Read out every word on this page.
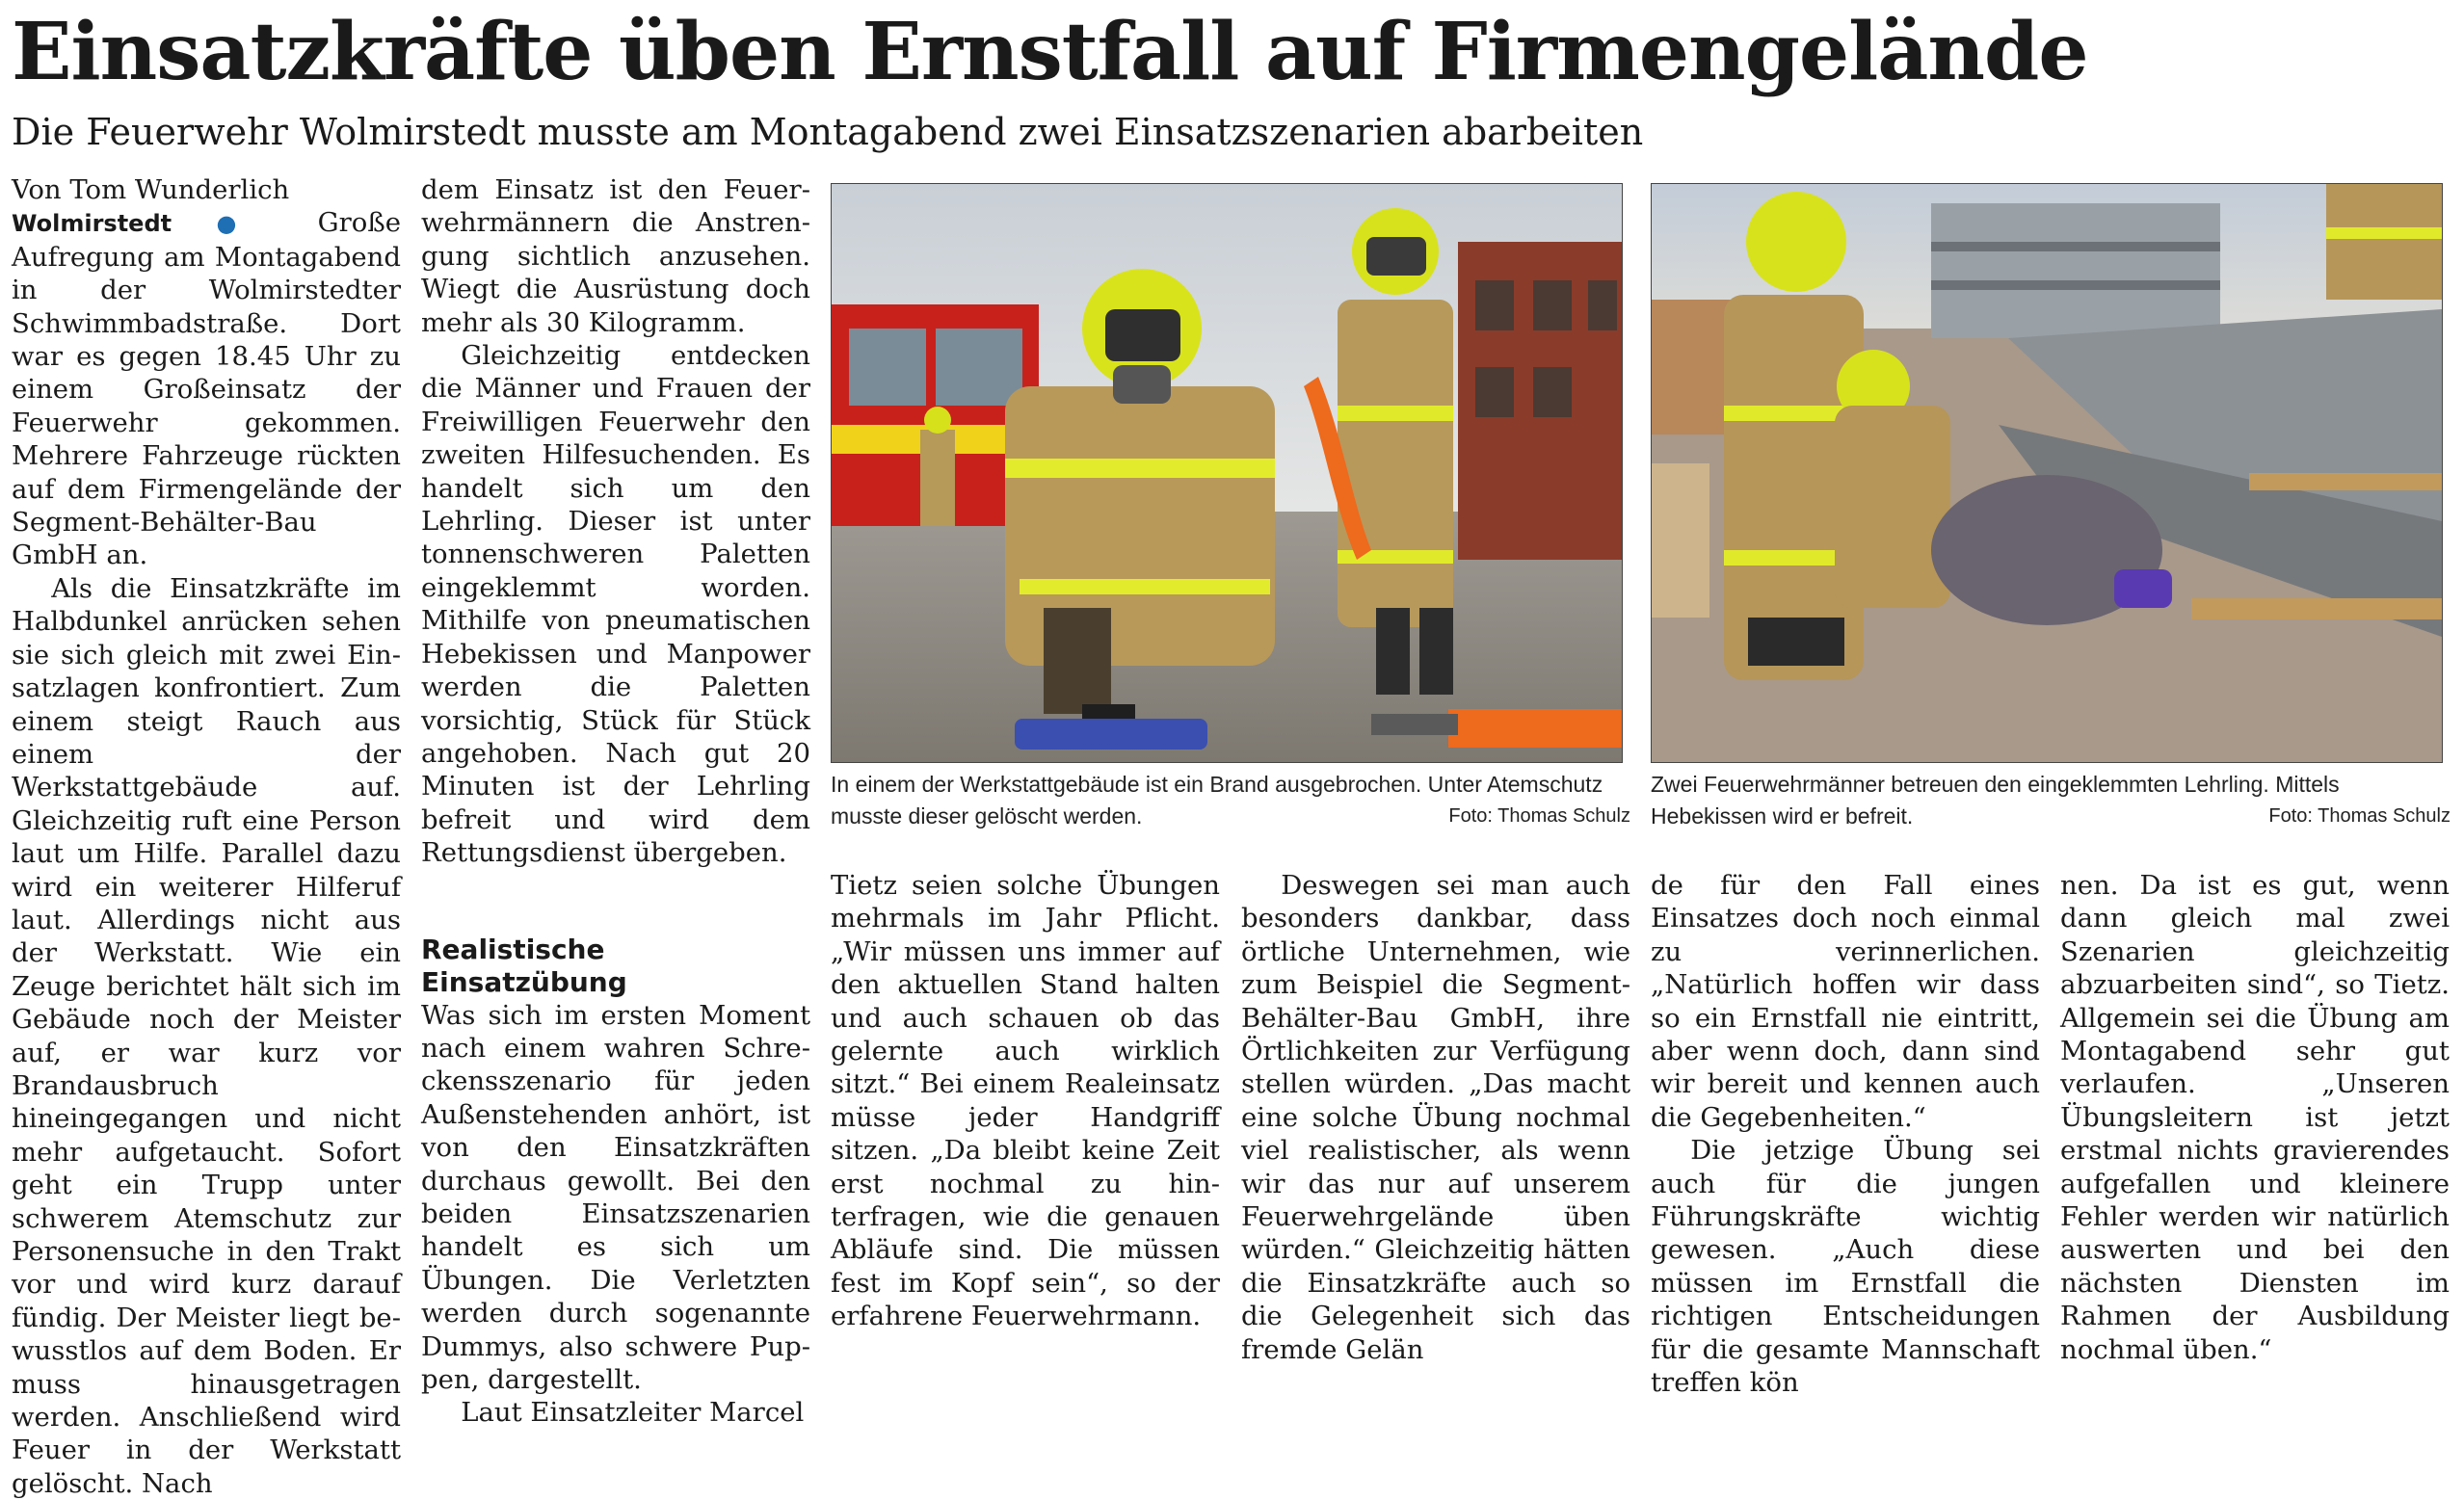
Einsatzkräfte üben Ernstfall auf Firmengelände
Die Feuerwehr Wolmirstedt musste am Montagabend zwei Einsatzszenarien abarbeiten

Von Tom Wunderlich

Wolmirstedt ● Große Aufregung am Montagabend in der Wolmirstedter Schwimmbadstraße. Dort war es gegen 18.45 Uhr zu einem Großeinsatz der Feuerwehr gekommen. Mehrere Fahrzeuge rückten auf dem Firmengelände der Segment-Behälter-Bau GmbH an.

Als die Einsatzkräfte im Halbdunkel anrücken sehen sie sich gleich mit zwei Einsatzlagen konfrontiert. Zum einem steigt Rauch aus einem der Werkstattgebäude auf. Gleichzeitig ruft eine Person laut um Hilfe. Parallel dazu wird ein weiterer Hilferuf laut. Allerdings nicht aus der Werkstatt. Wie ein Zeuge berichtet hält sich im Gebäude noch der Meister auf, er war kurz vor Brandausbruch hineingegangen und nicht mehr aufgetaucht. Sofort geht ein Trupp unter schwerem Atemschutz zur Personensuche in den Trakt vor und wird kurz darauf fündig. Der Meister liegt bewusstlos auf dem Boden. Er muss hinausgetragen werden. Anschließend wird Feuer in der Werkstatt gelöscht. Nach

dem Einsatz ist den Feuerwehrmännern die Anstrengung sichtlich anzusehen. Wiegt die Ausrüstung doch mehr als 30 Kilogramm.

Gleichzeitig entdecken die Männer und Frauen der Freiwilligen Feuerwehr den zweiten Hilfesuchenden. Es handelt sich um den Lehrling. Dieser ist unter tonnenschweren Paletten eingeklemmt worden. Mithilfe von pneumatischen Hebekissen und Manpower werden die Paletten vorsichtig, Stück für Stück angehoben. Nach gut 20 Minuten ist der Lehrling befreit und wird dem Rettungsdienst übergeben.

Realistische Einsatzübung

Was sich im ersten Moment nach einem wahren Schreckensszenario für jeden Außenstehenden anhört, ist von den Einsatzkräften durchaus gewollt. Bei den beiden Einsatzszenarien handelt es sich um Übungen. Die Verletzten werden durch sogenannte Dummys, also schwere Puppen, dargestellt.

Laut Einsatzleiter Marcel

In einem der Werkstattgebäude ist ein Brand ausgebrochen. Unter Atemschutz musste dieser gelöscht werden.	Foto: Thomas Schulz
Zwei Feuerwehrmänner betreuen den eingeklemmten Lehrling. Mittels Hebekissen wird er befreit.	Foto: Thomas Schulz

Tietz seien solche Übungen mehrmals im Jahr Pflicht. „Wir müssen uns immer auf den aktuellen Stand halten und auch schauen ob das gelernte auch wirklich sitzt.“ Bei einem Realeinsatz müsse jeder Handgriff sitzen. „Da bleibt keine Zeit erst nochmal zu hinterfragen, wie die genauen Abläufe sind. Die müssen fest im Kopf sein“, so der erfahrene Feuerwehrmann.

Deswegen sei man auch besonders dankbar, dass örtliche Unternehmen, wie zum Beispiel die Segment-Behälter-Bau GmbH, ihre Örtlichkeiten zur Verfügung stellen würden. „Das macht eine solche Übung nochmal viel realistischer, als wenn wir das nur auf unserem Feuerwehrgelände üben würden.“ Gleichzeitig hätten die Einsatzkräfte auch so die Gelegenheit sich das fremde Gelän

de für den Fall eines Einsatzes doch noch einmal zu verinnerlichen. „Natürlich hoffen wir dass so ein Ernstfall nie eintritt, aber wenn doch, dann sind wir bereit und kennen auch die Gegebenheiten.“

Die jetzige Übung sei auch für die jungen Führungskräfte wichtig gewesen. „Auch diese müssen im Ernstfall die richtigen Entscheidungen für die gesamte Mannschaft treffen kön

nen. Da ist es gut, wenn dann gleich mal zwei Szenarien gleichzeitig abzuarbeiten sind“, so Tietz. Allgemein sei die Übung am Montagabend sehr gut verlaufen. „Unseren Übungsleitern ist jetzt erstmal nichts gravierendes aufgefallen und kleinere Fehler werden wir natürlich auswerten und bei den nächsten Diensten im Rahmen der Ausbildung nochmal üben.“
